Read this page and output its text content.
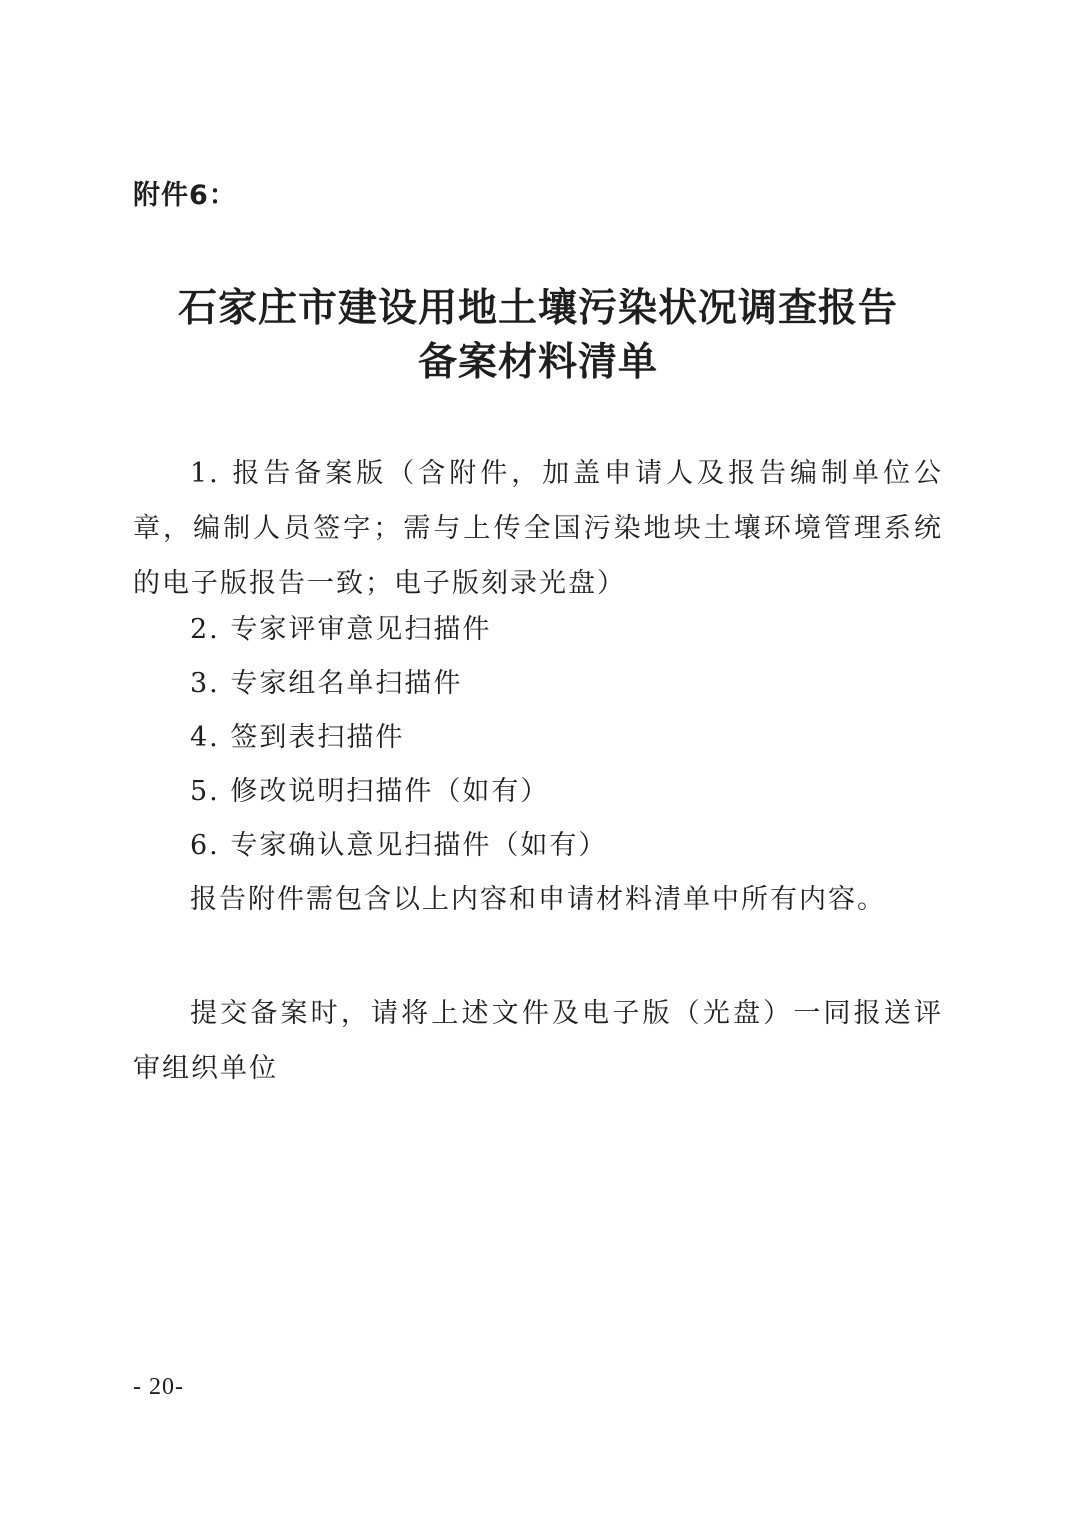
附件6：

石家庄市建设用地土壤污染状况调查报告
备案材料清单

1. 报告备案版（含附件，加盖申请人及报告编制单位公章，编制人员签字；需与上传全国污染地块土壤环境管理系统的电子版报告一致；电子版刻录光盘）

2. 专家评审意见扫描件

3. 专家组名单扫描件

4. 签到表扫描件

5. 修改说明扫描件（如有）

6. 专家确认意见扫描件（如有）

报告附件需包含以上内容和申请材料清单中所有内容。

提交备案时，请将上述文件及电子版（光盘）一同报送评审组织单位

- 20-
